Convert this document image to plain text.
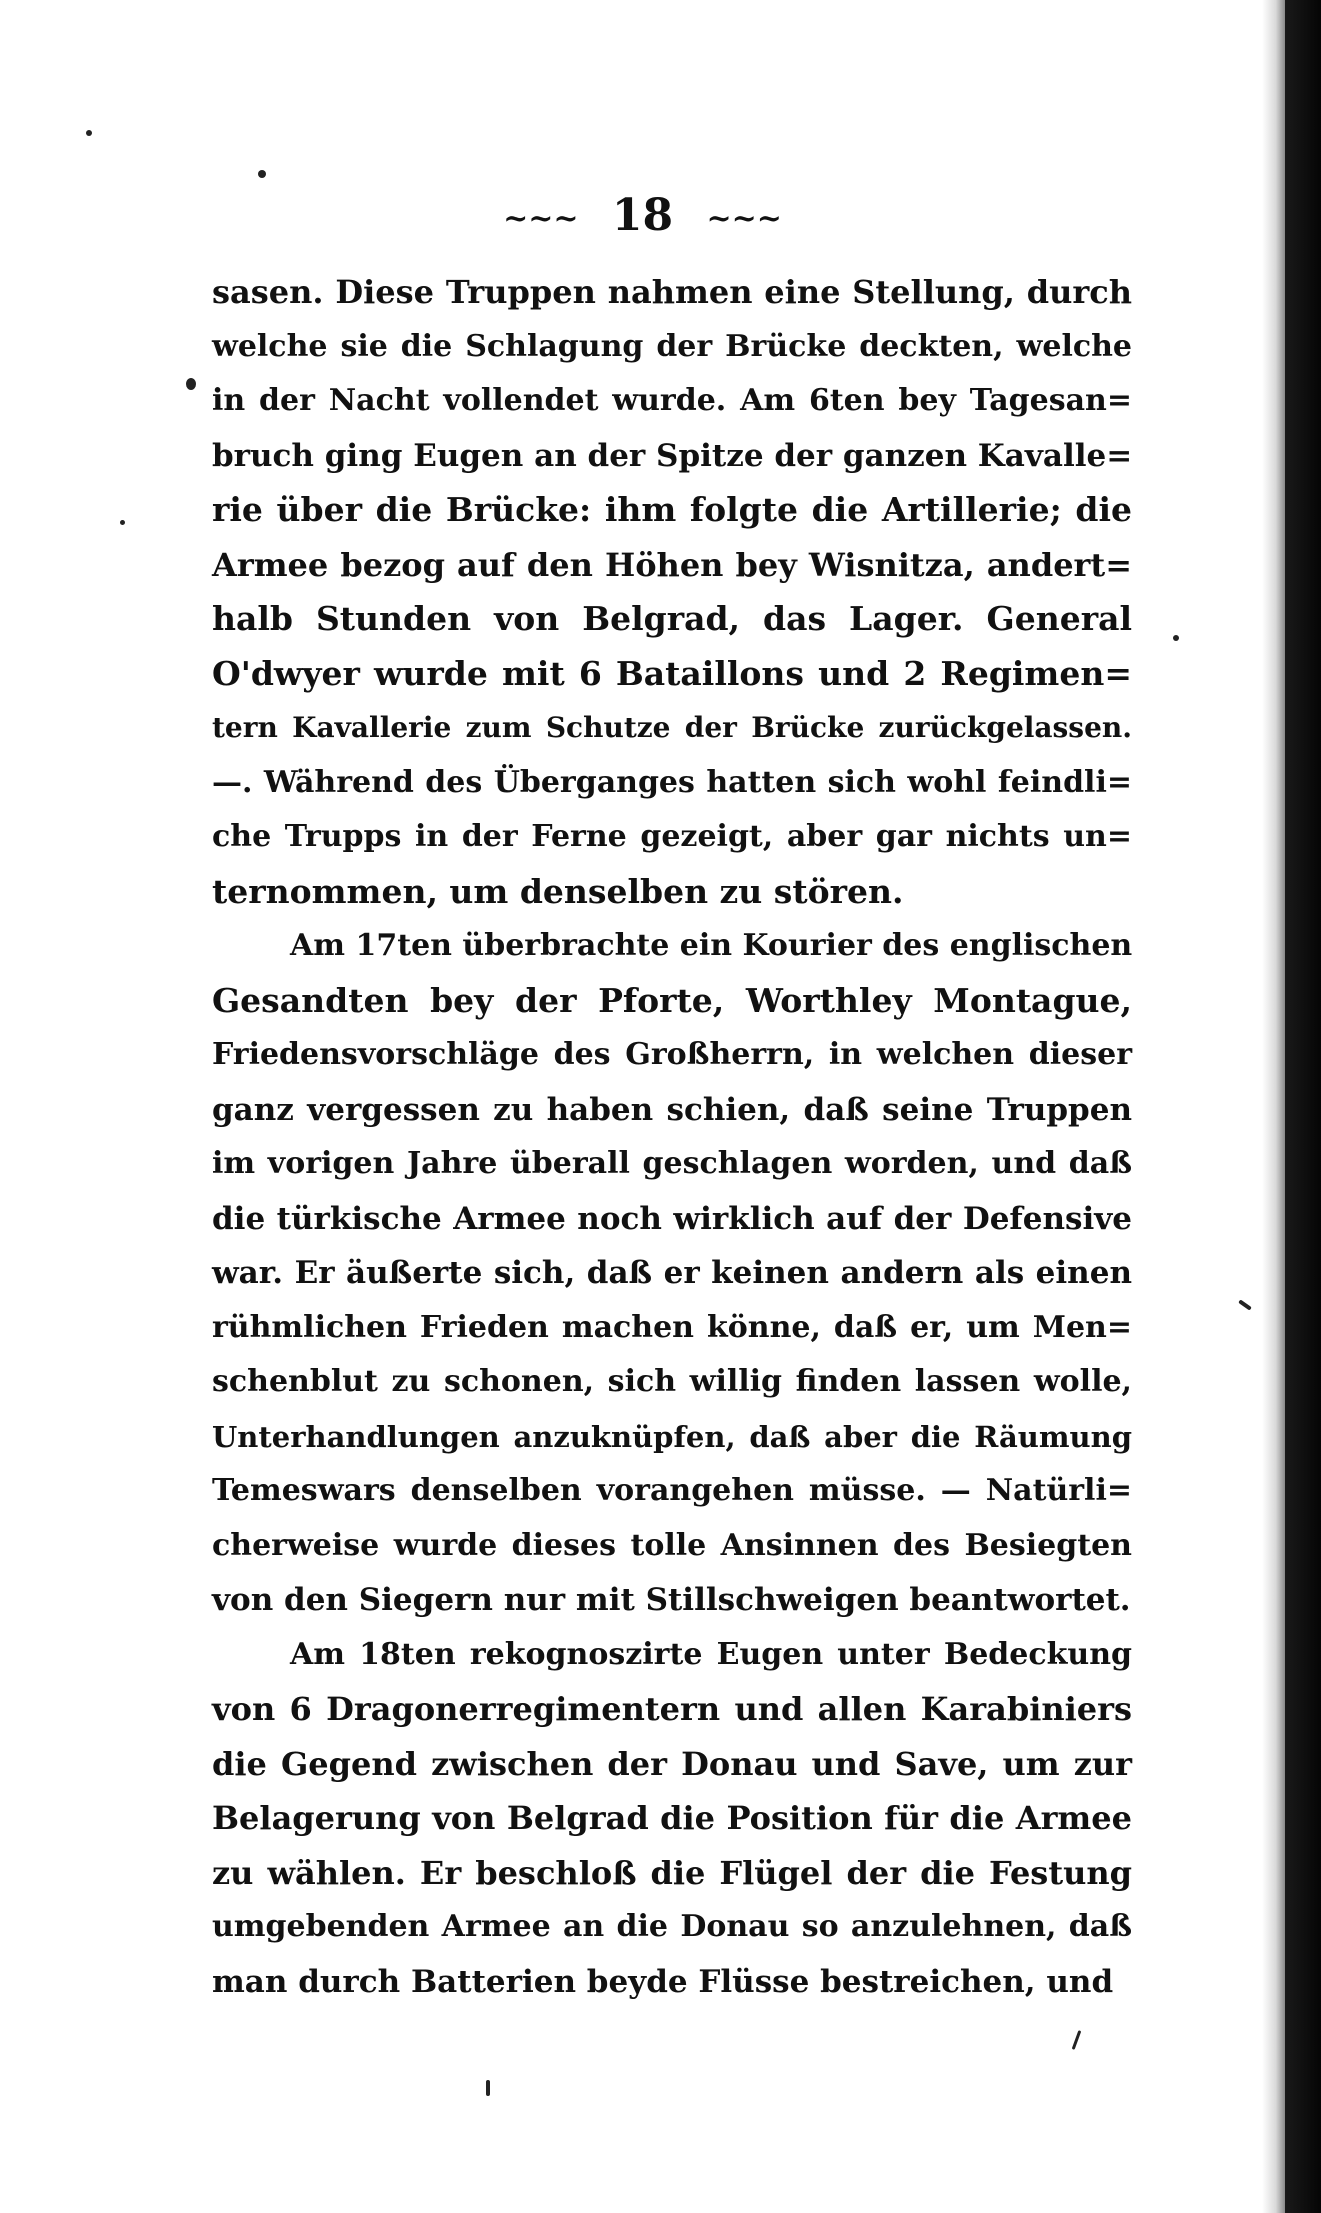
~~~ 18 ~~~
sasen. Diese Truppen nahmen eine Stellung, durch
welche sie die Schlagung der Brücke deckten, welche
in der Nacht vollendet wurde. Am 6ten bey Tagesan=
bruch ging Eugen an der Spitze der ganzen Kavalle=
rie über die Brücke: ihm folgte die Artillerie; die
Armee bezog auf den Höhen bey Wisnitza, andert=
halb Stunden von Belgrad, das Lager. General
O'dwyer wurde mit 6 Bataillons und 2 Regimen=
tern Kavallerie zum Schutze der Brücke zurückgelassen.
—. Während des Überganges hatten sich wohl feindli=
che Trupps in der Ferne gezeigt, aber gar nichts un=
ternommen, um denselben zu stören.
Am 17ten überbrachte ein Kourier des englischen
Gesandten bey der Pforte, Worthley Montague,
Friedensvorschläge des Großherrn, in welchen dieser
ganz vergessen zu haben schien, daß seine Truppen
im vorigen Jahre überall geschlagen worden, und daß
die türkische Armee noch wirklich auf der Defensive
war. Er äußerte sich, daß er keinen andern als einen
rühmlichen Frieden machen könne, daß er, um Men=
schenblut zu schonen, sich willig finden lassen wolle,
Unterhandlungen anzuknüpfen, daß aber die Räumung
Temeswars denselben vorangehen müsse. — Natürli=
cherweise wurde dieses tolle Ansinnen des Besiegten
von den Siegern nur mit Stillschweigen beantwortet.
Am 18ten rekognoszirte Eugen unter Bedeckung
von 6 Dragonerregimentern und allen Karabiniers
die Gegend zwischen der Donau und Save, um zur
Belagerung von Belgrad die Position für die Armee
zu wählen. Er beschloß die Flügel der die Festung
umgebenden Armee an die Donau so anzulehnen, daß
man durch Batterien beyde Flüsse bestreichen, und
